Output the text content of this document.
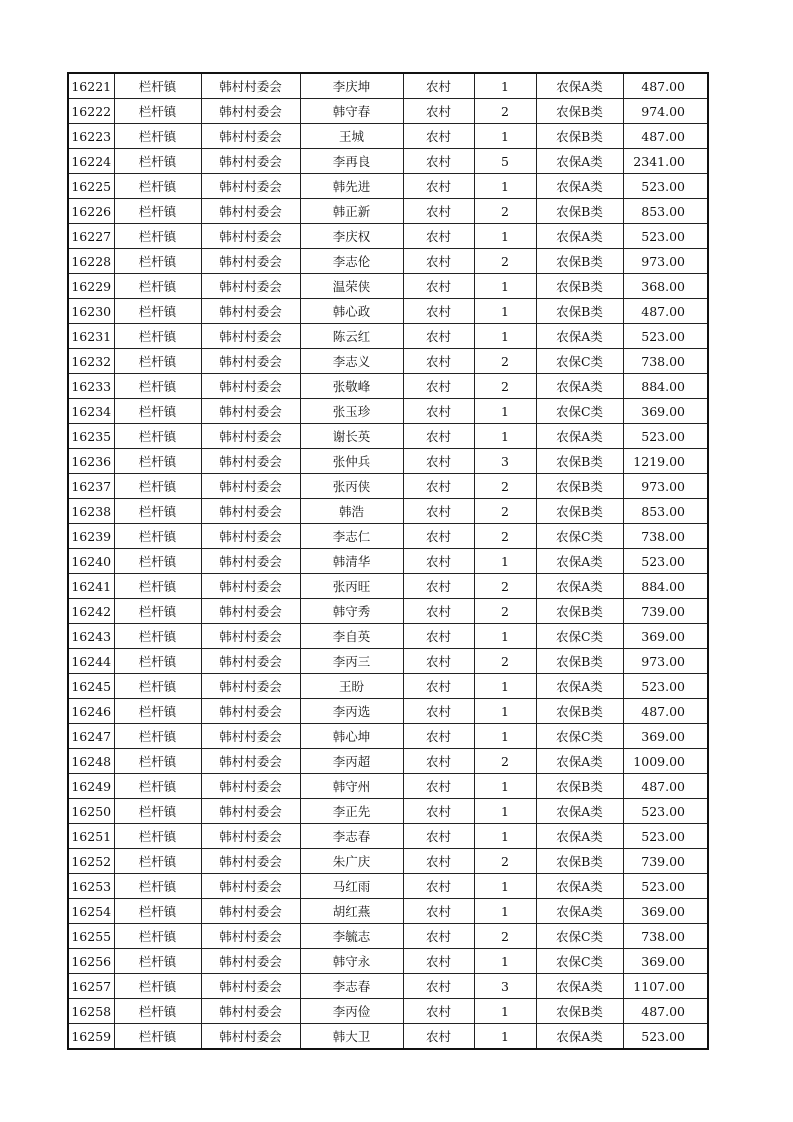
16221	栏杆镇	韩村村委会	李庆坤	农村	1	农保A类	487.00
16222	栏杆镇	韩村村委会	韩守春	农村	2	农保B类	974.00
16223	栏杆镇	韩村村委会	王城	农村	1	农保B类	487.00
16224	栏杆镇	韩村村委会	李再良	农村	5	农保A类	2341.00
16225	栏杆镇	韩村村委会	韩先进	农村	1	农保A类	523.00
16226	栏杆镇	韩村村委会	韩正新	农村	2	农保B类	853.00
16227	栏杆镇	韩村村委会	李庆权	农村	1	农保A类	523.00
16228	栏杆镇	韩村村委会	李志伦	农村	2	农保B类	973.00
16229	栏杆镇	韩村村委会	温荣侠	农村	1	农保B类	368.00
16230	栏杆镇	韩村村委会	韩心政	农村	1	农保B类	487.00
16231	栏杆镇	韩村村委会	陈云红	农村	1	农保A类	523.00
16232	栏杆镇	韩村村委会	李志义	农村	2	农保C类	738.00
16233	栏杆镇	韩村村委会	张敬峰	农村	2	农保A类	884.00
16234	栏杆镇	韩村村委会	张玉珍	农村	1	农保C类	369.00
16235	栏杆镇	韩村村委会	谢长英	农村	1	农保A类	523.00
16236	栏杆镇	韩村村委会	张仲兵	农村	3	农保B类	1219.00
16237	栏杆镇	韩村村委会	张丙侠	农村	2	农保B类	973.00
16238	栏杆镇	韩村村委会	韩浩	农村	2	农保B类	853.00
16239	栏杆镇	韩村村委会	李志仁	农村	2	农保C类	738.00
16240	栏杆镇	韩村村委会	韩清华	农村	1	农保A类	523.00
16241	栏杆镇	韩村村委会	张丙旺	农村	2	农保A类	884.00
16242	栏杆镇	韩村村委会	韩守秀	农村	2	农保B类	739.00
16243	栏杆镇	韩村村委会	李自英	农村	1	农保C类	369.00
16244	栏杆镇	韩村村委会	李丙三	农村	2	农保B类	973.00
16245	栏杆镇	韩村村委会	王盼	农村	1	农保A类	523.00
16246	栏杆镇	韩村村委会	李丙选	农村	1	农保B类	487.00
16247	栏杆镇	韩村村委会	韩心坤	农村	1	农保C类	369.00
16248	栏杆镇	韩村村委会	李丙超	农村	2	农保A类	1009.00
16249	栏杆镇	韩村村委会	韩守州	农村	1	农保B类	487.00
16250	栏杆镇	韩村村委会	李正先	农村	1	农保A类	523.00
16251	栏杆镇	韩村村委会	李志春	农村	1	农保A类	523.00
16252	栏杆镇	韩村村委会	朱广庆	农村	2	农保B类	739.00
16253	栏杆镇	韩村村委会	马红雨	农村	1	农保A类	523.00
16254	栏杆镇	韩村村委会	胡红燕	农村	1	农保A类	369.00
16255	栏杆镇	韩村村委会	李毓志	农村	2	农保C类	738.00
16256	栏杆镇	韩村村委会	韩守永	农村	1	农保C类	369.00
16257	栏杆镇	韩村村委会	李志春	农村	3	农保A类	1107.00
16258	栏杆镇	韩村村委会	李丙俭	农村	1	农保B类	487.00
16259	栏杆镇	韩村村委会	韩大卫	农村	1	农保A类	523.00
